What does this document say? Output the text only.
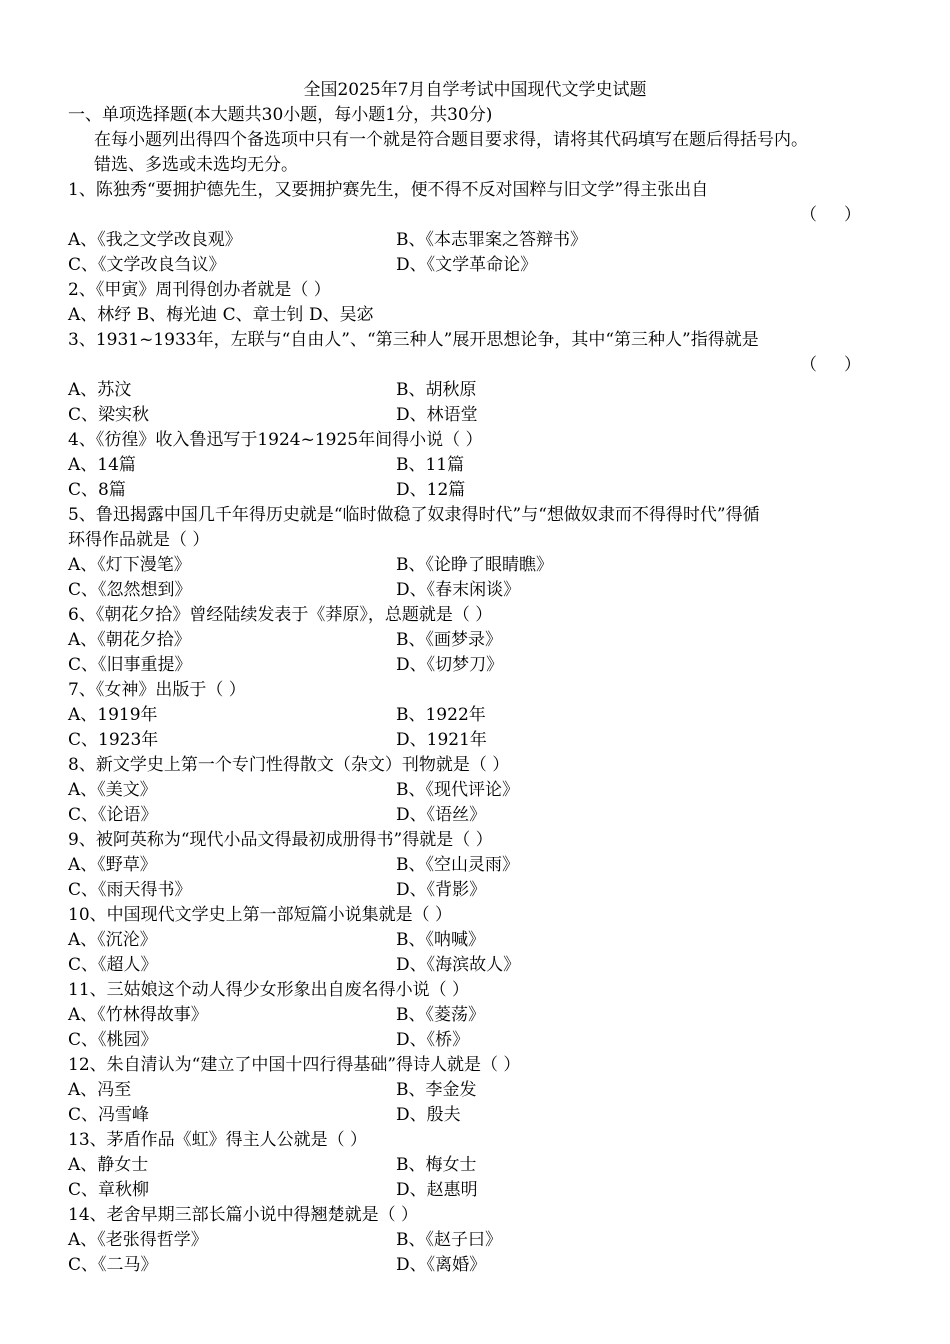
全国2025年7月自学考试中国现代文学史试题
一、单项选择题(本大题共30小题，每小题1分，共30分)
在每小题列出得四个备选项中只有一个就是符合题目要求得，请将其代码填写在题后得括号内。
错选、多选或未选均无分。
1、陈独秀“要拥护德先生，又要拥护赛先生，便不得不反对国粹与旧文学”得主张出自
（     ）
A、《我之文学改良观》	B、《本志罪案之答辩书》
C、《文学改良刍议》	D、《文学革命论》
2、《甲寅》周刊得创办者就是（ ）
A、林纾 B、梅光迪 C、章士钊 D、吴宓
3、1931~1933年，左联与“自由人”、“第三种人”展开思想论争，其中“第三种人”指得就是
（     ）
A、苏汶	B、胡秋原
C、梁实秋	D、林语堂
4、《彷徨》收入鲁迅写于1924~1925年间得小说（ ）
A、14篇	B、11篇
C、8篇	D、12篇
5、鲁迅揭露中国几千年得历史就是“临时做稳了奴隶得时代”与“想做奴隶而不得得时代”得循
环得作品就是（ ）
A、《灯下漫笔》	B、《论睁了眼睛瞧》
C、《忽然想到》	D、《春末闲谈》
6、《朝花夕拾》曾经陆续发表于《莽原》，总题就是（ ）
A、《朝花夕拾》	B、《画梦录》
C、《旧事重提》	D、《切梦刀》
7、《女神》出版于（ ）
A、1919年	B、1922年
C、1923年	D、1921年
8、新文学史上第一个专门性得散文（杂文）刊物就是（ ）
A、《美文》	B、《现代评论》
C、《论语》	D、《语丝》
9、被阿英称为“现代小品文得最初成册得书”得就是（ ）
A、《野草》	B、《空山灵雨》
C、《雨天得书》	D、《背影》
10、中国现代文学史上第一部短篇小说集就是（ ）
A、《沉沦》	B、《呐喊》
C、《超人》	D、《海滨故人》
11、三姑娘这个动人得少女形象出自废名得小说（ ）
A、《竹林得故事》	B、《菱荡》
C、《桃园》	D、《桥》
12、朱自清认为“建立了中国十四行得基础”得诗人就是（ ）
A、冯至	B、李金发
C、冯雪峰	D、殷夫
13、茅盾作品《虹》得主人公就是（ ）
A、静女士	B、梅女士
C、章秋柳	D、赵惠明
14、老舍早期三部长篇小说中得翘楚就是（ ）
A、《老张得哲学》	B、《赵子曰》
C、《二马》	D、《离婚》
